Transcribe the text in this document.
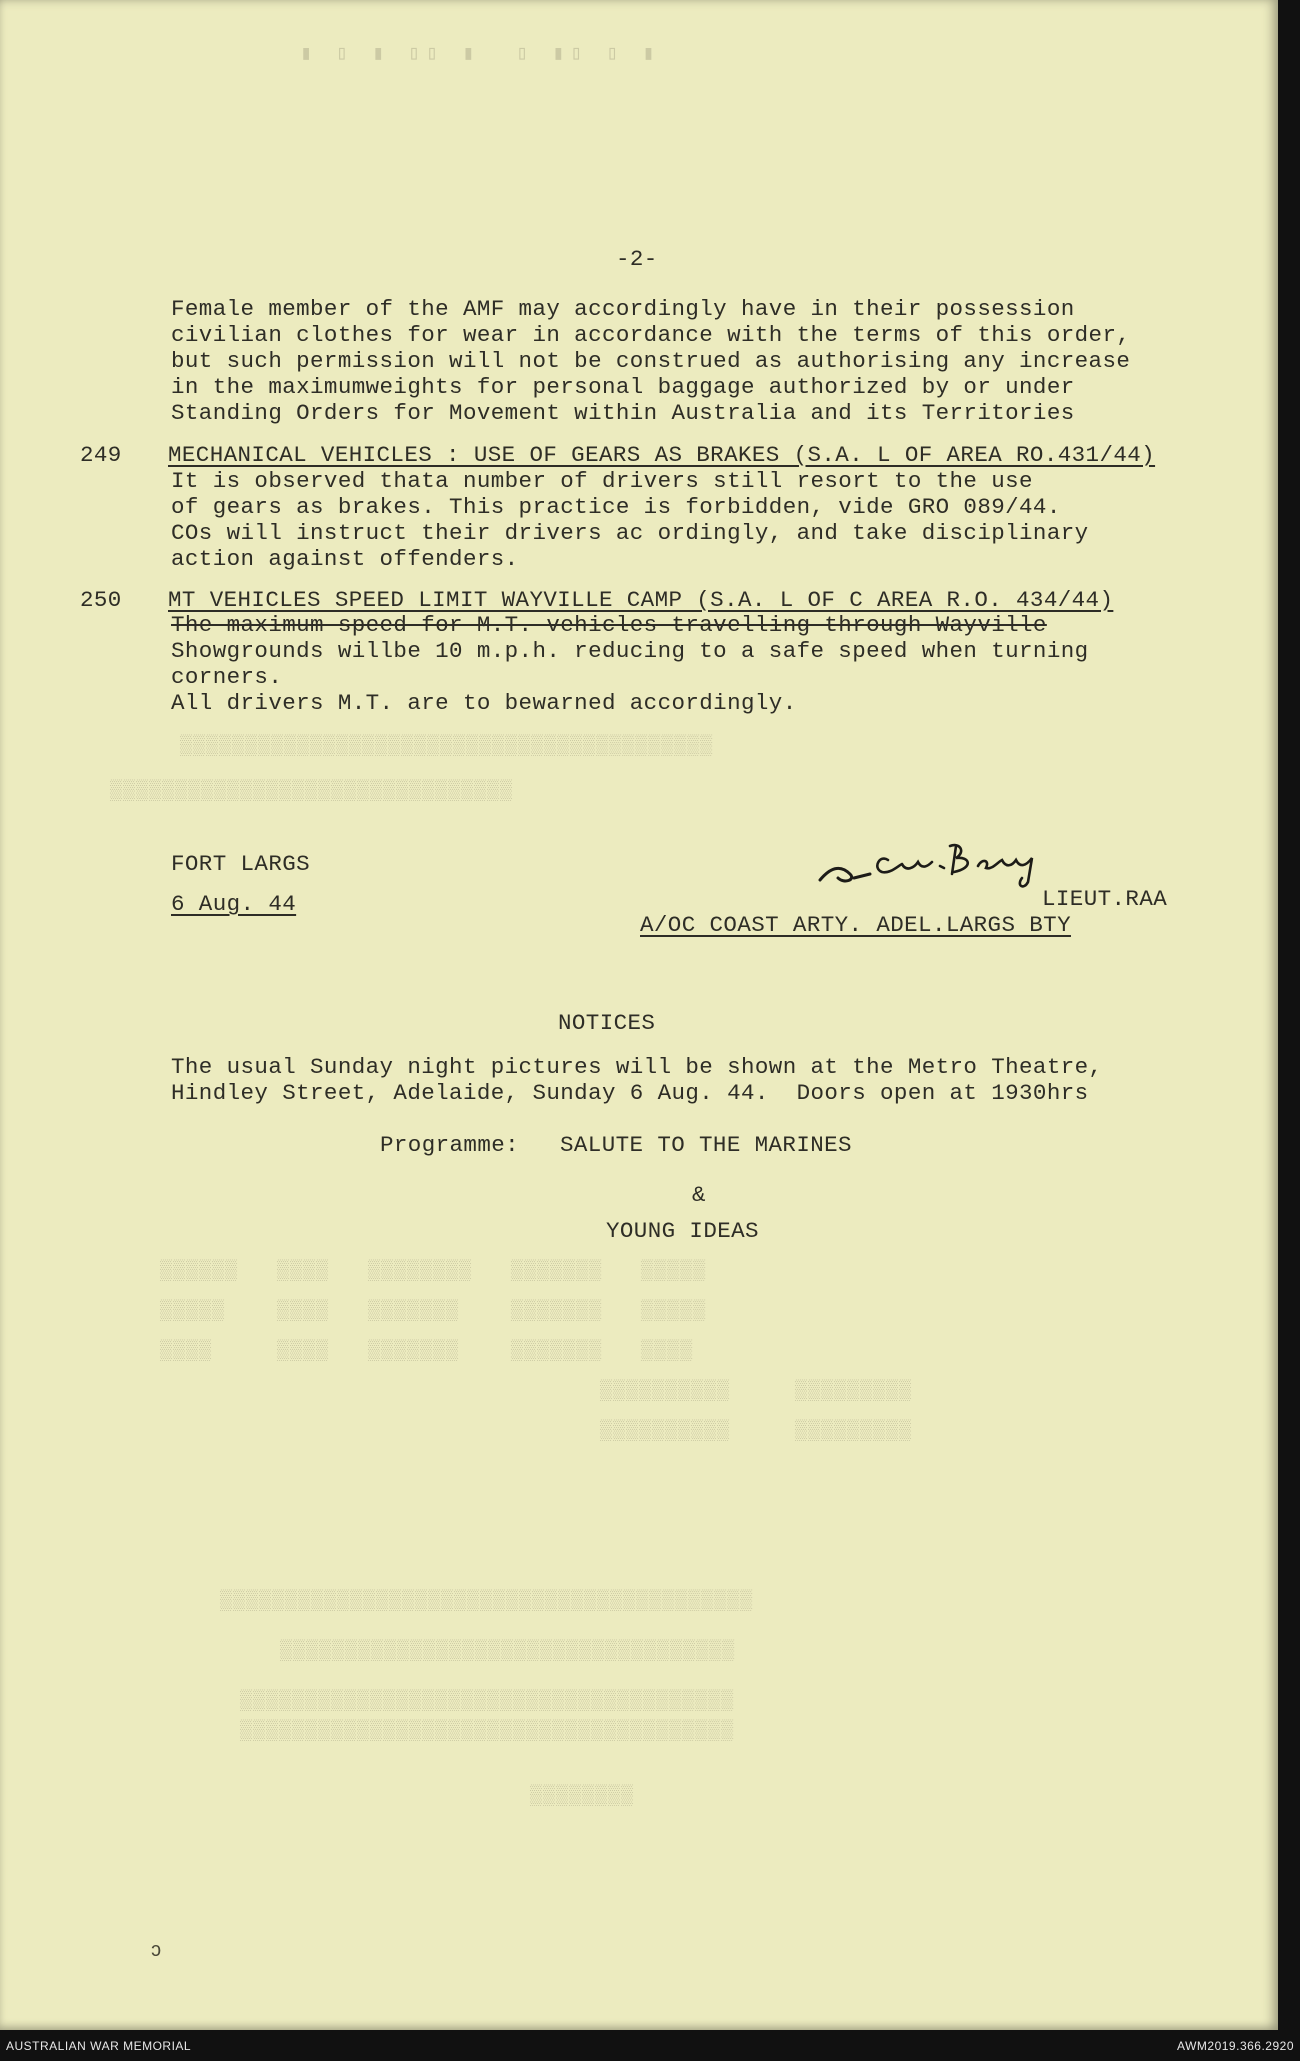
▮ ▯ ▮ ▯▯ ▮  ▯ ▮▯ ▯ ▮
▒▒▒▒▒▒▒▒▒▒▒▒▒▒▒▒▒▒▒▒▒▒▒▒▒▒▒▒▒▒▒▒▒▒▒▒▒▒▒▒▒
▒▒▒▒▒▒▒▒▒▒▒▒▒▒▒▒▒▒▒▒▒▒▒▒▒▒▒▒▒▒▒
▒▒▒▒▒▒   ▒▒▒▒   ▒▒▒▒▒▒▒▒   ▒▒▒▒▒▒▒   ▒▒▒▒▒
▒▒▒▒▒    ▒▒▒▒   ▒▒▒▒▒▒▒    ▒▒▒▒▒▒▒   ▒▒▒▒▒
▒▒▒▒     ▒▒▒▒   ▒▒▒▒▒▒▒    ▒▒▒▒▒▒▒   ▒▒▒▒
▒▒▒▒▒▒▒▒▒▒     ▒▒▒▒▒▒▒▒▒
▒▒▒▒▒▒▒▒▒▒     ▒▒▒▒▒▒▒▒▒
▒▒▒▒▒▒▒▒▒▒▒▒▒▒▒▒▒▒▒▒▒▒▒▒▒▒▒▒▒▒▒▒▒▒▒▒▒▒▒▒▒
▒▒▒▒▒▒▒▒▒▒▒▒▒▒▒▒▒▒▒▒▒▒▒▒▒▒▒▒▒▒▒▒▒▒▒
▒▒▒▒▒▒▒▒▒▒▒▒▒▒▒▒▒▒▒▒▒▒▒▒▒▒▒▒▒▒▒▒▒▒▒▒▒▒
▒▒▒▒▒▒▒▒▒▒▒▒▒▒▒▒▒▒▒▒▒▒▒▒▒▒▒▒▒▒▒▒▒▒▒▒▒▒
▒▒▒▒▒▒▒▒
-2-
Female member of the AMF may accordingly have in their possession
civilian clothes for wear in accordance with the terms of this order,
but such permission will not be construed as authorising any increase
in the maximumweights for personal baggage authorized by or under
Standing Orders for Movement within Australia and its Territories
249 MECHANICAL VEHICLES : USE OF GEARS AS BRAKES (S.A. L OF AREA RO.431/44)
It is observed thata number of drivers still resort to the use
of gears as brakes. This practice is forbidden, vide GRO 089/44.
COs will instruct their drivers ac ordingly, and take disciplinary
action against offenders.
250 MT VEHICLES SPEED LIMIT WAYVILLE CAMP (S.A. L OF C AREA R.O. 434/44)
The maximum speed for M.T. vehicles travelling through Wayville
Showgrounds willbe 10 m.p.h. reducing to a safe speed when turning
corners.
All drivers M.T. are to bewarned accordingly.
FORT LARGS
6 Aug. 44	LIEUT.RAA
A/OC COAST ARTY. ADEL.LARGS BTY
NOTICES
The usual Sunday night pictures will be shown at the Metro Theatre,
Hindley Street, Adelaide, Sunday 6 Aug. 44.  Doors open at 1930hrs
Programme: SALUTE TO THE MARINES
&
YOUNG IDEAS
ↄ
AUSTRALIAN WAR MEMORIAL	AWM2019.366.2920
